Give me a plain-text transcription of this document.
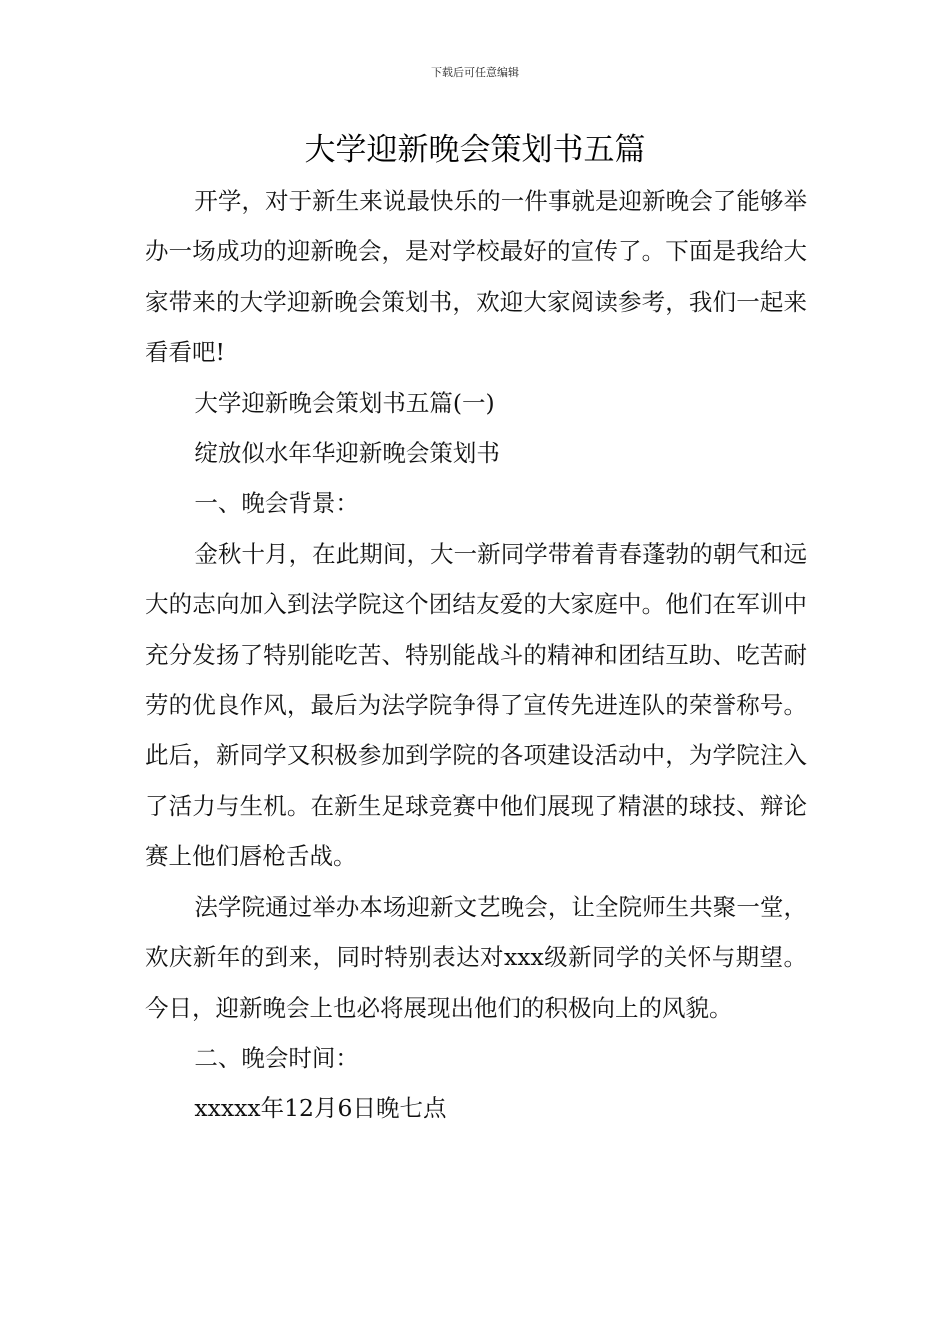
下载后可任意编辑
大学迎新晚会策划书五篇

开学，对于新生来说最快乐的一件事就是迎新晚会了能够举办一场成功的迎新晚会，是对学校最好的宣传了。下面是我给大家带来的大学迎新晚会策划书，欢迎大家阅读参考，我们一起来看看吧!

大学迎新晚会策划书五篇(一)

绽放似水年华迎新晚会策划书

一、晚会背景：

金秋十月，在此期间，大一新同学带着青春蓬勃的朝气和远大的志向加入到法学院这个团结友爱的大家庭中。他们在军训中充分发扬了特别能吃苦、特别能战斗的精神和团结互助、吃苦耐劳的优良作风，最后为法学院争得了宣传先进连队的荣誉称号。此后，新同学又积极参加到学院的各项建设活动中，为学院注入了活力与生机。在新生足球竞赛中他们展现了精湛的球技、辩论赛上他们唇枪舌战。

法学院通过举办本场迎新文艺晚会，让全院师生共聚一堂，欢庆新年的到来，同时特别表达对xxx级新同学的关怀与期望。今日，迎新晚会上也必将展现出他们的积极向上的风貌。

二、晚会时间：

xxxxx年12月6日晚七点
